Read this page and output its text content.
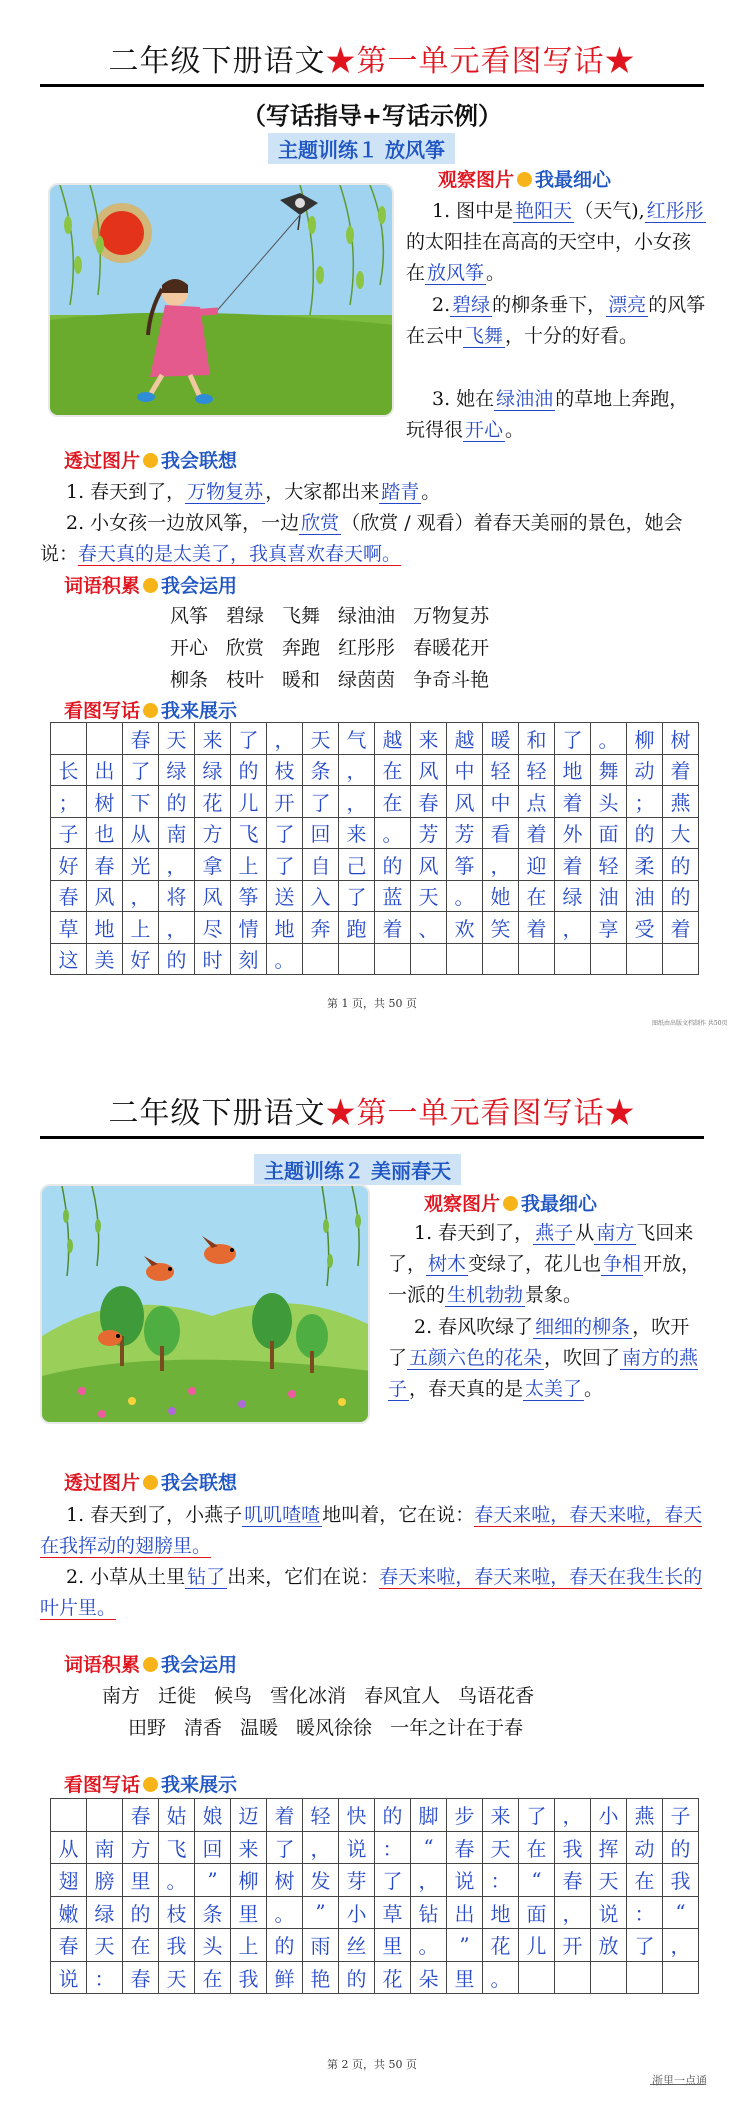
二年级下册语文★第一单元看图写话★
（写话指导+写话示例）
主题训练１ 放风筝
观察图片 我最细心
1. 图中是 艳阳天 （天气), 红彤彤的太阳挂在高高的天空中，小女孩在 放风筝 。
2. 碧绿 的柳条垂下， 漂亮 的风筝在云中 飞舞 ，十分的好看。
3. 她在 绿油油 的草地上奔跑，玩得很 开心 。
透过图片 我会联想
1. 春天到了， 万物复苏 ，大家都出来 踏青 。
2. 小女孩一边放风筝，一边 欣赏 （欣赏 / 观看）着春天美丽的景色，她会说：春天真的是太美了，我真喜欢春天啊。
词语积累 我会运用
风筝 碧绿 飞舞 绿油油 万物复苏
开心 欣赏 奔跑 红彤彤 春暖花开
柳条 枝叶 暖和 绿茵茵 争奇斗艳
看图写话 我来展示
		春	天	来	了	，	天	气	越	来	越	暖	和	了	。	柳	树
长	出	了	绿	绿	的	枝	条	，	在	风	中	轻	轻	地	舞	动	着
；	树	下	的	花	儿	开	了	，	在	春	风	中	点	着	头	；	燕
子	也	从	南	方	飞	了	回	来	。	芳	芳	看	着	外	面	的	大
好	春	光	，	拿	上	了	自	己	的	风	筝	，	迎	着	轻	柔	的
春	风	，	将	风	筝	送	入	了	蓝	天	。	她	在	绿	油	油	的
草	地	上	，	尽	情	地	奔	跑	着	、	欢	笑	着	，	享	受	着
这	美	好	的	时	刻	。											
第 1 页，共 50 页
图纸由出版文档制作 共50页
二年级下册语文★第一单元看图写话★
主题训练２ 美丽春天
观察图片 我最细心
1. 春天到了， 燕子 从 南方 飞回来了， 树木 变绿了，花儿也 争相 开放，一派的 生机勃勃 景象。
2. 春风吹绿了 细细的柳条 ，吹开了 五颜六色的花朵 ，吹回了 南方的燕子 ，春天真的是 太美了 。
透过图片 我会联想
1. 春天到了，小燕子 叽叽喳喳 地叫着，它在说：春天来啦，春天来啦，春天在我挥动的翅膀里。
2. 小草从土里 钻了 出来，它们在说：春天来啦，春天来啦，春天在我生长的叶片里。
词语积累 我会运用
南方 迁徙 候鸟 雪化冰消 春风宜人 鸟语花香
田野 清香 温暖 暖风徐徐 一年之计在于春
看图写话 我来展示
		春	姑	娘	迈	着	轻	快	的	脚	步	来	了	，	小	燕	子
从	南	方	飞	回	来	了	，	说	：	“	春	天	在	我	挥	动	的
翅	膀	里	。	”	柳	树	发	芽	了	，	说	：	“	春	天	在	我
嫩	绿	的	枝	条	里	。	”	小	草	钻	出	地	面	，	说	：	“
春	天	在	我	头	上	的	雨	丝	里	。	”	花	儿	开	放	了	，
说	：	春	天	在	我	鲜	艳	的	花	朵	里	。					
第 2 页，共 50 页
浙里一点通
